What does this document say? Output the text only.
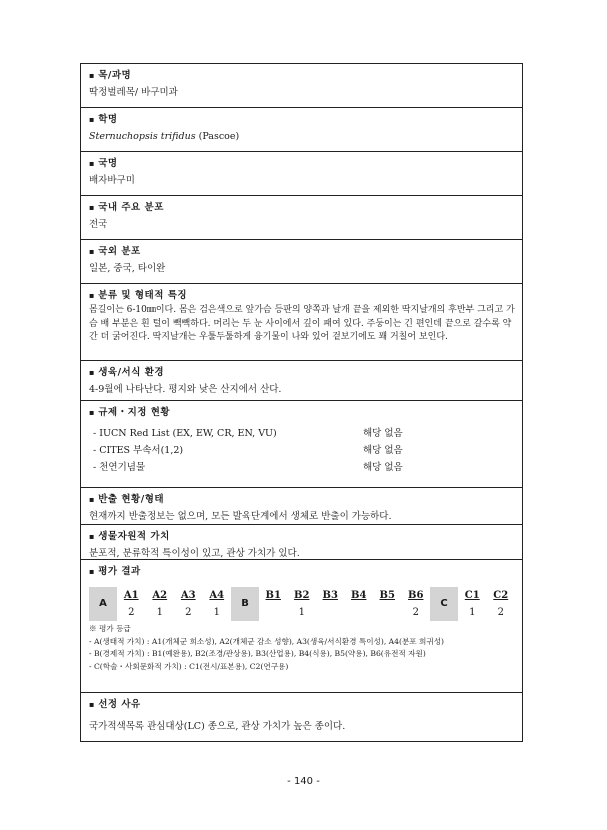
▪ 목/과명
딱정벌레목/ 바구미과
▪ 학명
Sternuchopsis trifidus (Pascoe)
▪ 국명
배자바구미
▪ 국내 주요 분포
전국
▪ 국외 분포
일본, 중국, 타이완
▪ 분류 및 형태적 특징
몸길이는 6-10㎜이다. 몸은 검은색으로 앞가슴 등판의 양쪽과 날개 끝을 제외한 딱지날개의 후반부 그리고 가슴 배 부분은 흰 털이 빽빽하다. 머리는 두 눈 사이에서 깊이 패여 있다. 주둥이는 긴 편인데 끝으로 갈수록 약간 더 굵어진다. 딱지날개는 우툴두툴하게 융기물이 나와 있어 겉보기에도 꽤 거칠어 보인다.
▪ 생육/서식 환경
4-9월에 나타난다. 평지와 낮은 산지에서 산다.
▪ 규제・지정 현황
- IUCN Red List (EX, EW, CR, EN, VU)	해당 없음
- CITES 부속서(1,2)	해당 없음
- 천연기념물	해당 없음
▪ 반출 현황/형태
현재까지 반출정보는 없으며, 모든 발육단계에서 생체로 반출이 가능하다.
▪ 생물자원적 가치
분포적, 분류학적 특이성이 있고, 관상 가치가 있다.
▪ 평가 결과
A	A1	A2	A3	A4	B	B1	B2	B3	B4	B5	B6	C	C1	C2
	2	1	2	1			1				2		1	2
※ 평가 등급
- A(생태적 가치) : A1(개체군 희소성), A2(개체군 감소 성향), A3(생육/서식환경 특이성), A4(분포 희귀성)
- B(경제적 가치) : B1(예완용), B2(조경/관상용), B3(산업용), B4(식용), B5(약용), B6(유전적 자원)
- C(학술・사회문화적 가치) : C1(전시/표본용), C2(연구용)
▪ 선정 사유
국가적색목록 관심대상(LC) 종으로, 관상 가치가 높은 종이다.
- 140 -
